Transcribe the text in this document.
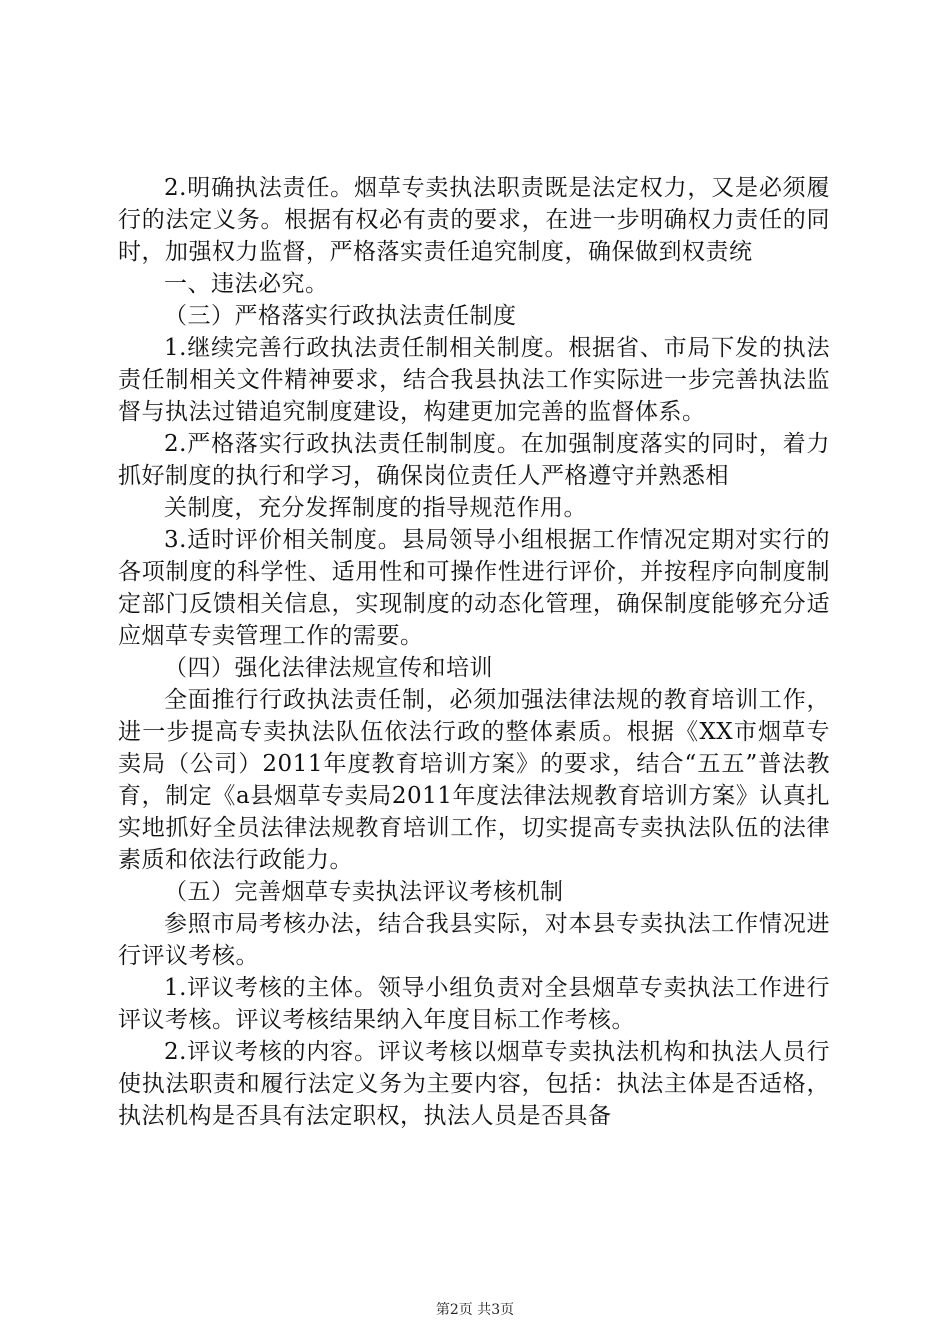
2.明确执法责任。烟草专卖执法职责既是法定权力，又是必须履行的法定义务。根据有权必有责的要求，在进一步明确权力责任的同时，加强权力监督，严格落实责任追究制度，确保做到权责统

一、违法必究。

（三）严格落实行政执法责任制度

1.继续完善行政执法责任制相关制度。根据省、市局下发的执法责任制相关文件精神要求，结合我县执法工作实际进一步完善执法监督与执法过错追究制度建设，构建更加完善的监督体系。

2.严格落实行政执法责任制制度。在加强制度落实的同时，着力抓好制度的执行和学习，确保岗位责任人严格遵守并熟悉相

关制度，充分发挥制度的指导规范作用。

3.适时评价相关制度。县局领导小组根据工作情况定期对实行的各项制度的科学性、适用性和可操作性进行评价，并按程序向制度制定部门反馈相关信息，实现制度的动态化管理，确保制度能够充分适应烟草专卖管理工作的需要。

（四）强化法律法规宣传和培训

全面推行行政执法责任制，必须加强法律法规的教育培训工作，进一步提高专卖执法队伍依法行政的整体素质。根据《XX市烟草专卖局（公司）2011年度教育培训方案》的要求，结合“五五”普法教育，制定《a县烟草专卖局2011年度法律法规教育培训方案》认真扎实地抓好全员法律法规教育培训工作，切实提高专卖执法队伍的法律素质和依法行政能力。

（五）完善烟草专卖执法评议考核机制

参照市局考核办法，结合我县实际，对本县专卖执法工作情况进行评议考核。

1.评议考核的主体。领导小组负责对全县烟草专卖执法工作进行评议考核。评议考核结果纳入年度目标工作考核。

2.评议考核的内容。评议考核以烟草专卖执法机构和执法人员行使执法职责和履行法定义务为主要内容，包括：执法主体是否适格，执法机构是否具有法定职权，执法人员是否具备

第2页 共3页
